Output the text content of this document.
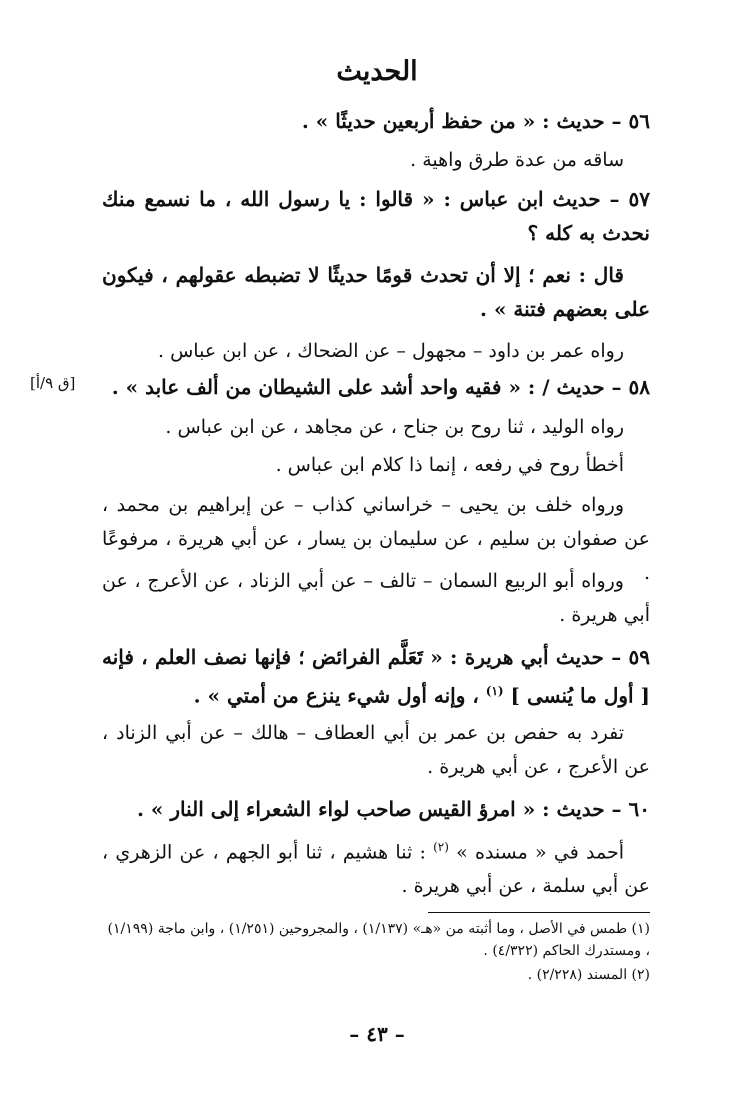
الحديث
٥٦ – حديث : « من حفظ أربعين حديثًا » .
ساقه من عدة طرق واهية .
٥٧ – حديث ابن عباس : « قالوا : يا رسول الله ، ما نسمع منك نحدث به كله ؟
قال : نعم ؛ إلا أن تحدث قومًا حديثًا لا تضبطه عقولهم ، فيكون على بعضهم فتنة » .
رواه عمر بن داود – مجهول – عن الضحاك ، عن ابن عباس .
[ق ٩/أ]	٥٨ – حديث / : « فقيه واحد أشد على الشيطان من ألف عابد » .
رواه الوليد ، ثنا روح بن جناح ، عن مجاهد ، عن ابن عباس .
أخطأ روح في رفعه ، إنما ذا كلام ابن عباس .
ورواه خلف بن يحيى – خراساني كذاب – عن إبراهيم بن محمد ، عن صفوان بن سليم ، عن سليمان بن يسار ، عن أبي هريرة ، مرفوعًا .
ورواه أبو الربيع السمان – تالف – عن أبي الزناد ، عن الأعرج ، عن أبي هريرة .
٥٩ – حديث أبي هريرة : « تَعَلَّم الفرائض ؛ فإنها نصف العلم ، فإنه [ أول ما يُنسى ] $^{(١)}$ ، وإنه أول شيء ينزع من أمتي » .
تفرد به حفص بن عمر بن أبي العطاف – هالك – عن أبي الزناد ، عن الأعرج ، عن أبي هريرة .
٦٠ – حديث : « امرؤ القيس صاحب لواء الشعراء إلى النار » .
أحمد في « مسنده » $^{(٢)}$ : ثنا هشيم ، ثنا أبو الجهم ، عن الزهري ، عن أبي سلمة ، عن أبي هريرة .
(١) طمس في الأصل ، وما أثبته من «هـ» (١/١٣٧) ، والمجروحين (١/٢٥١) ، وابن ماجة (١/١٩٩) ، ومستدرك الحاكم (٤/٣٢٢) .
(٢) المسند (٢/٢٢٨) .
– ٤٣ –
